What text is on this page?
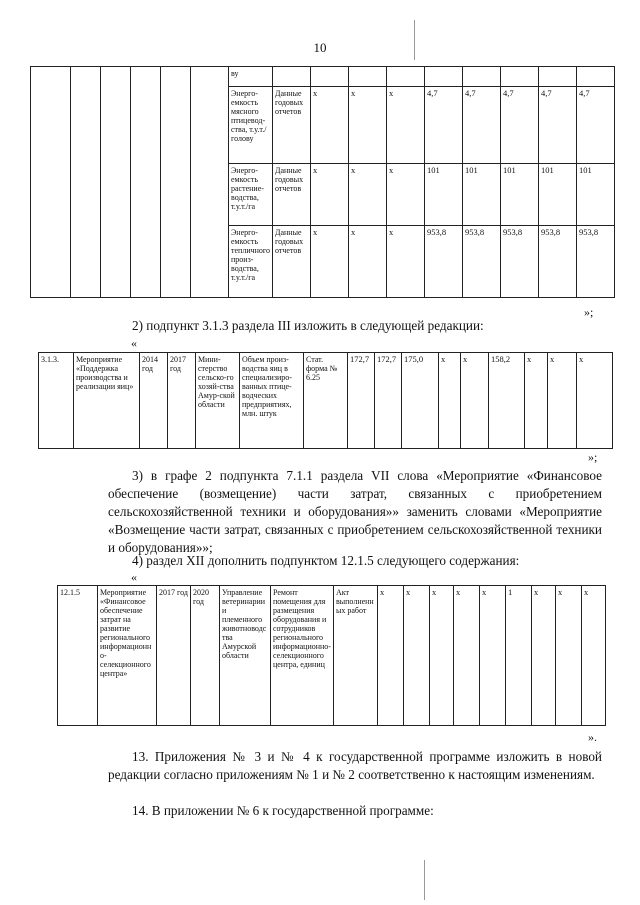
10
						ву										
						Энерго-емкость мясного птицевод-ства, т.у.т./голову	Данные годовых отчетов	х	х	х	4,7	4,7	4,7	4,7	4,7	
						Энерго-емкость растение-водства, т.у.т./га	Данные годовых отчетов	х	х	х	101	101	101	101	101	
						Энерго-емкость тепличного произ-водства, т.у.т./га	Данные годовых отчетов	х	х	х	953,8	953,8	953,8	953,8	953,8	
»;
2) подпункт 3.1.3 раздела III изложить в следующей редакции:
«
3.1.3.	Мероприятие «Поддержка производства и реализации яиц»	2014 год	2017 год	Мини-стерство сельско-го хозяй-ства Амур-ской области	Объем произ-водства яиц в специализиро-ванных птице-водческих предприятиях, млн. штук	Стат. форма № 6.25	172,7	172,7	175,0	х	х	158,2	х	х	х
»;
3) в графе 2 подпункта 7.1.1 раздела VII слова «Мероприятие «Финансовое обеспечение (возмещение) части затрат, связанных с приобретением сельскохозяйственной техники и оборудования»» заменить словами «Мероприятие «Возмещение части затрат, связанных с приобретением сельскохозяйственной техники и оборудования»»;
4) раздел XII дополнить подпунктом 12.1.5 следующего содержания:
«
12.1.5	Мероприятие «Финансовое обеспечение затрат на развитие регионального информационно-селекционного центра»	2017 год	2020 год	Управление ветеринарии и племенного животноводства Амурской области	Ремонт помещения для размещения оборудования и сотрудников регионального информационно-селекционного центра, единиц	Акт выполненных работ	х	х	х	х	х	1	х	х	х
».
13. Приложения № 3 и № 4 к государственной программе изложить в новой редакции согласно приложениям № 1 и № 2 соответственно к настоящим изменениям.
14. В приложении № 6 к государственной программе:
